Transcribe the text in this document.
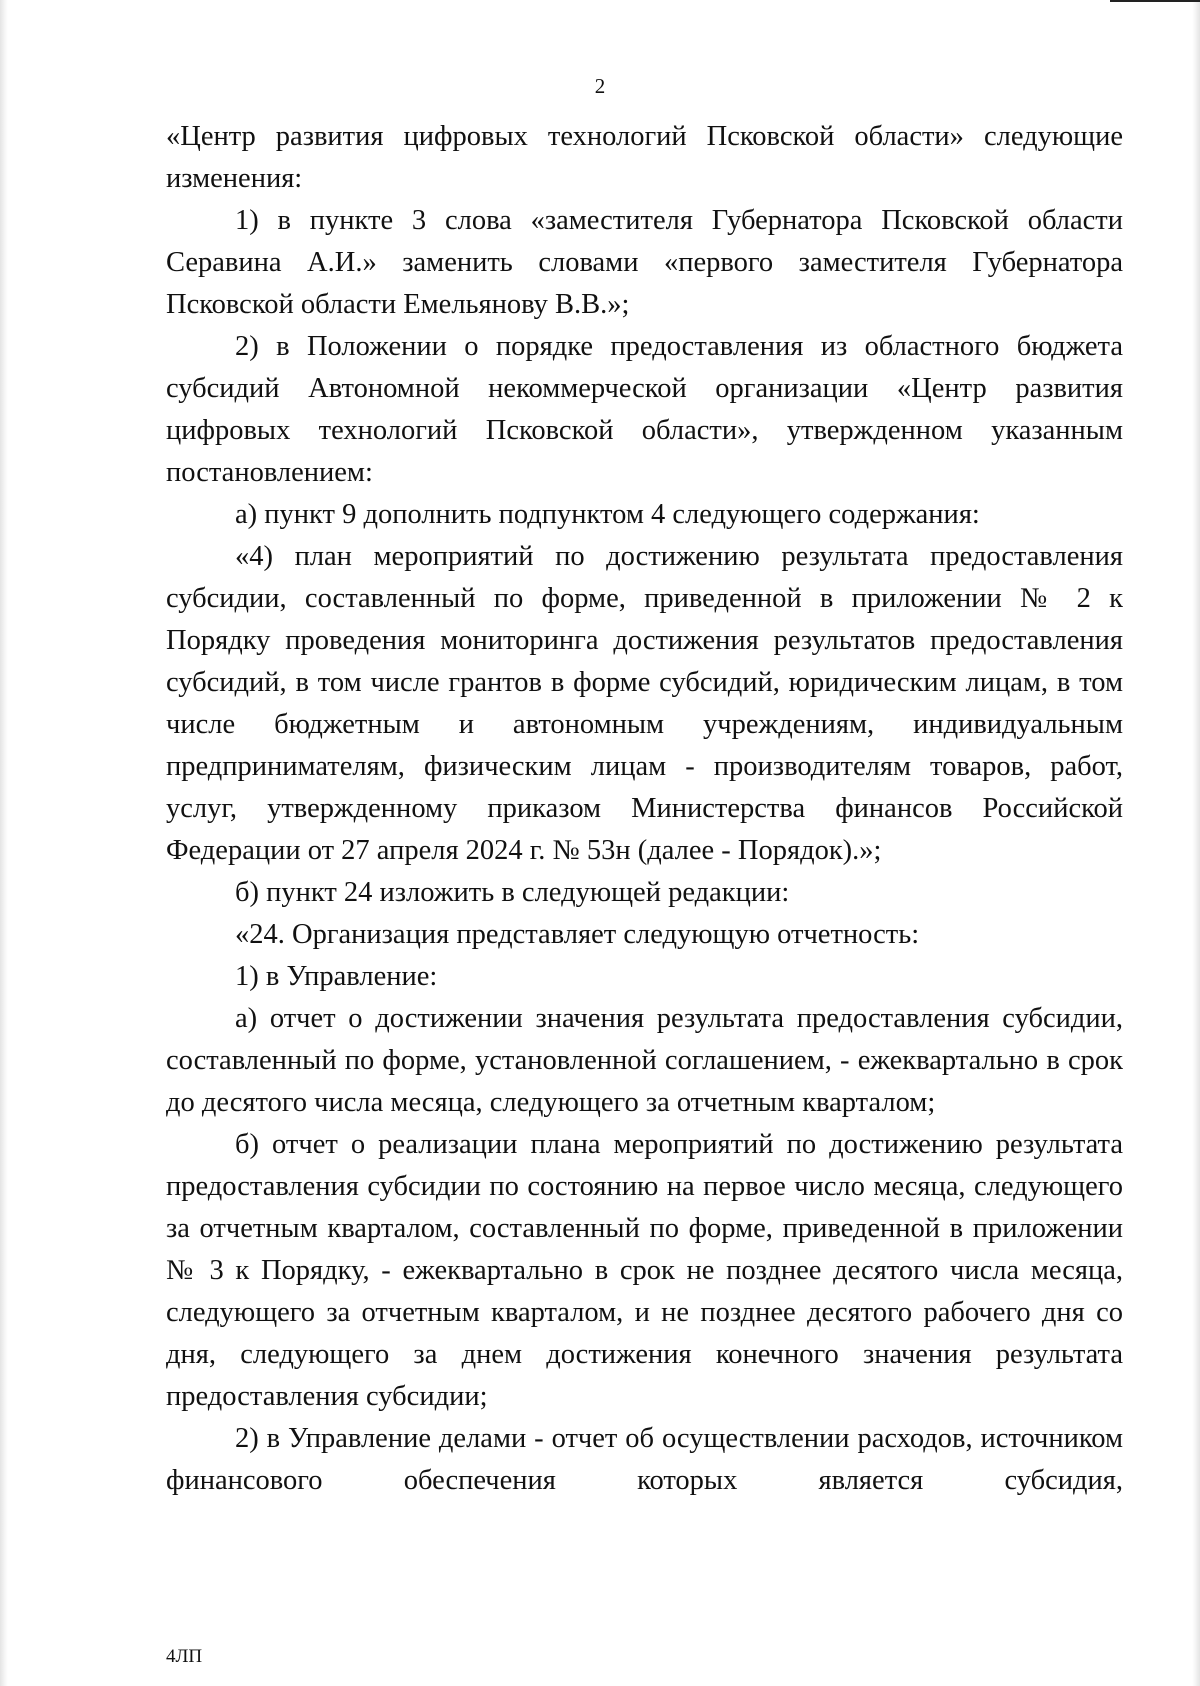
2

«Центр развития цифровых технологий Псковской области» следующие изменения:

1) в пункте 3 слова «заместителя Губернатора Псковской области Серавина А.И.» заменить словами «первого заместителя Губернатора Псковской области Емельянову В.В.»;

2) в Положении о порядке предоставления из областного бюджета субсидий Автономной некоммерческой организации «Центр развития цифровых технологий Псковской области», утвержденном указанным постановлением:

а) пункт 9 дополнить подпунктом 4 следующего содержания:

«4) план мероприятий по достижению результата предоставления субсидии, составленный по форме, приведенной в приложении № 2 к Порядку проведения мониторинга достижения результатов предоставления субсидий, в том числе грантов в форме субсидий, юридическим лицам, в том числе бюджетным и автономным учреждениям, индивидуальным предпринимателям, физическим лицам - производителям товаров, работ, услуг, утвержденному приказом Министерства финансов Российской Федерации от 27 апреля 2024 г. № 53н (далее - Порядок).»;

б) пункт 24 изложить в следующей редакции:

«24. Организация представляет следующую отчетность:

1) в Управление:

а) отчет о достижении значения результата предоставления субсидии, составленный по форме, установленной соглашением, - ежеквартально в срок до десятого числа месяца, следующего за отчетным кварталом;

б) отчет о реализации плана мероприятий по достижению результата предоставления субсидии по состоянию на первое число месяца, следующего за отчетным кварталом, составленный по форме, приведенной в приложении № 3 к Порядку, - ежеквартально в срок не позднее десятого числа месяца, следующего за отчетным кварталом, и не позднее десятого рабочего дня со дня, следующего за днем достижения конечного значения результата предоставления субсидии;

2) в Управление делами - отчет об осуществлении расходов, источником финансового обеспечения которых является субсидия,

4ЛП
